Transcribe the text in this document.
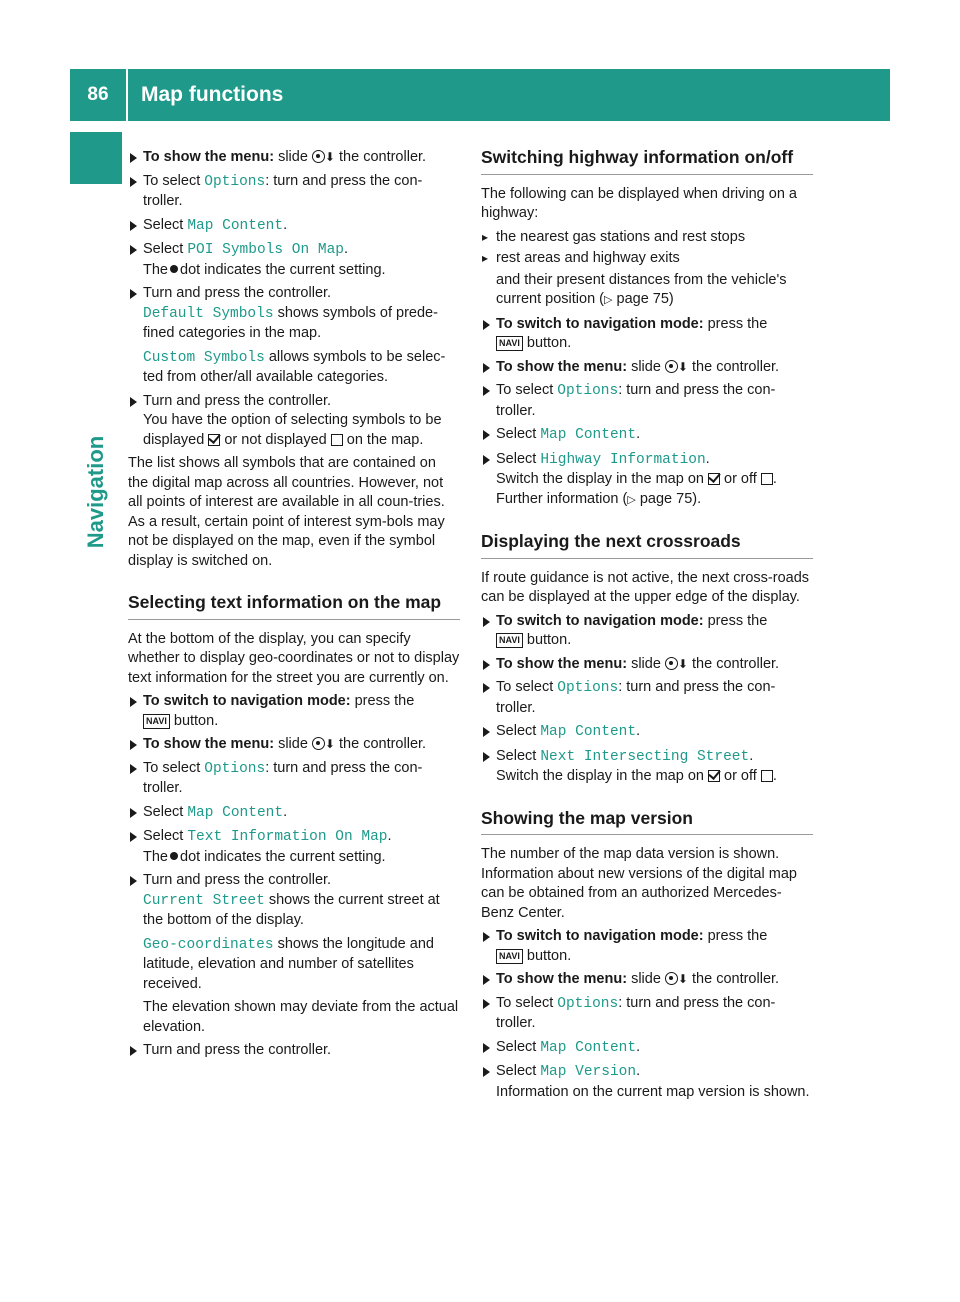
86	Map functions
Navigation
To show the menu: slide ⬇ the controller.
To select Options: turn and press the con- troller.
Select Map Content.
Select POI Symbols On Map.
The dot indicates the current setting.
Turn and press the controller.
Default Symbols shows symbols of prede-fined categories in the map.
Custom Symbols allows symbols to be selec-ted from other/all available categories.
Turn and press the controller.
You have the option of selecting symbols to be displayed or not displayed on the map.

The list shows all symbols that are contained on the digital map across all countries. However, not all points of interest are available in all coun-tries. As a result, certain point of interest sym-bols may not be displayed on the map, even if the symbol display is switched on.

Selecting text information on the map

At the bottom of the display, you can specify whether to display geo-coordinates or not to display text information for the street you are currently on.

To switch to navigation mode: press the
NAVI button.
To show the menu: slide ⬇ the controller.
To select Options: turn and press the con- troller.
Select Map Content.
Select Text Information On Map.
The dot indicates the current setting.
Turn and press the controller.
Current Street shows the current street at the bottom of the display.
Geo-coordinates shows the longitude and latitude, elevation and number of satellites received.
The elevation shown may deviate from the actual elevation.
Turn and press the controller.
Switching highway information on/off

The following can be displayed when driving on a highway:

▸ the nearest gas stations and rest stops
▸ rest areas and highway exits

and their present distances from the vehicle's current position (▷ page 75)

To switch to navigation mode: press the
NAVI button.
To show the menu: slide ⬇ the controller.
To select Options: turn and press the con- troller.
Select Map Content.
Select Highway Information.
Switch the display in the map on or off .
Further information (▷ page 75).
Displaying the next crossroads

If route guidance is not active, the next cross-roads can be displayed at the upper edge of the display.

To switch to navigation mode: press the
NAVI button.
To show the menu: slide ⬇ the controller.
To select Options: turn and press the con- troller.
Select Map Content.
Select Next Intersecting Street.
Switch the display in the map on or off .
Showing the map version

The number of the map data version is shown. Information about new versions of the digital map can be obtained from an authorized Mercedes-Benz Center.

To switch to navigation mode: press the
NAVI button.
To show the menu: slide ⬇ the controller.
To select Options: turn and press the con- troller.
Select Map Content.
Select Map Version.
Information on the current map version is shown.
